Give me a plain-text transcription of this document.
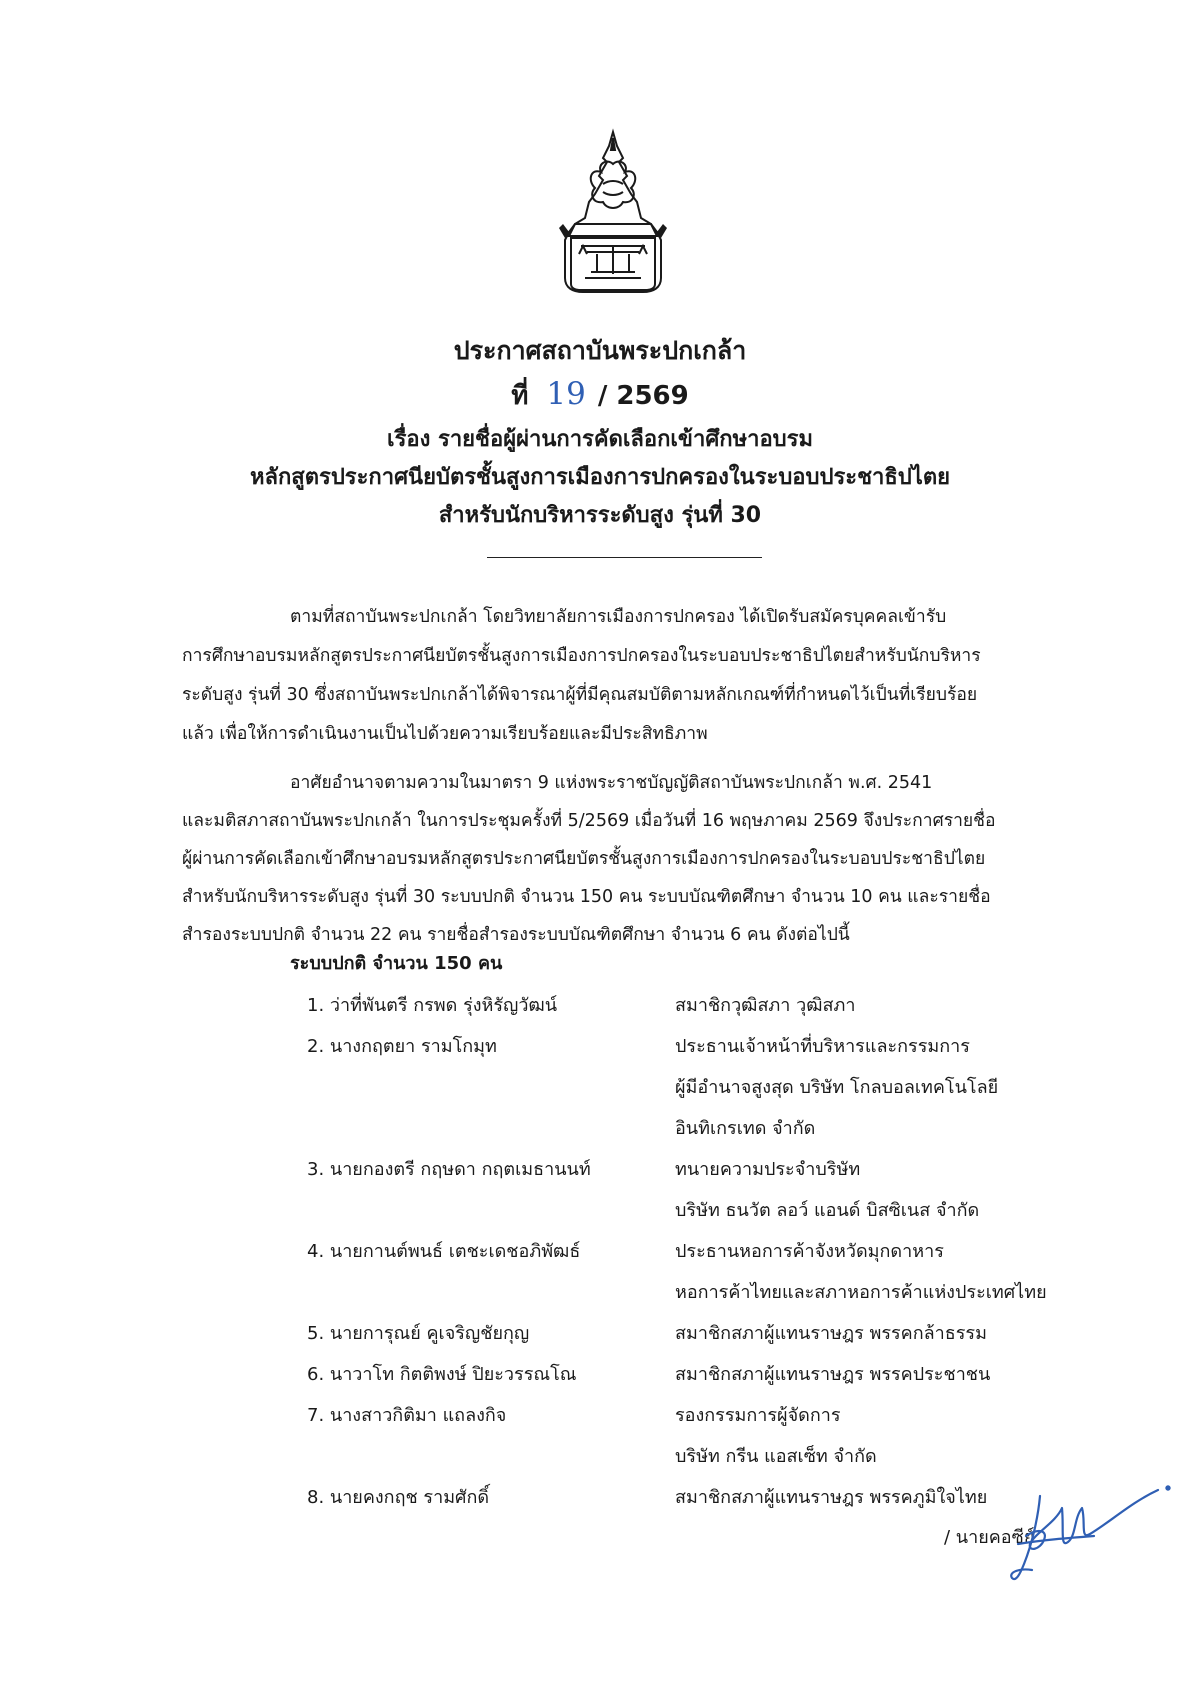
ประกาศสถาบันพระปกเกล้า
ที่ 19 / 2569
เรื่อง รายชื่อผู้ผ่านการคัดเลือกเข้าศึกษาอบรม
หลักสูตรประกาศนียบัตรชั้นสูงการเมืองการปกครองในระบอบประชาธิปไตย
สำหรับนักบริหารระดับสูง รุ่นที่ 30
ตามที่สถาบันพระปกเกล้า โดยวิทยาลัยการเมืองการปกครอง ได้เปิดรับสมัครบุคคลเข้ารับ
การศึกษาอบรมหลักสูตรประกาศนียบัตรชั้นสูงการเมืองการปกครองในระบอบประชาธิปไตยสำหรับนักบริหาร
ระดับสูง รุ่นที่ 30 ซึ่งสถาบันพระปกเกล้าได้พิจารณาผู้ที่มีคุณสมบัติตามหลักเกณฑ์ที่กำหนดไว้เป็นที่เรียบร้อย
แล้ว เพื่อให้การดำเนินงานเป็นไปด้วยความเรียบร้อยและมีประสิทธิภาพ
อาศัยอำนาจตามความในมาตรา 9 แห่งพระราชบัญญัติสถาบันพระปกเกล้า พ.ศ. 2541
และมติสภาสถาบันพระปกเกล้า ในการประชุมครั้งที่ 5/2569 เมื่อวันที่ 16 พฤษภาคม 2569 จึงประกาศรายชื่อ
ผู้ผ่านการคัดเลือกเข้าศึกษาอบรมหลักสูตรประกาศนียบัตรชั้นสูงการเมืองการปกครองในระบอบประชาธิปไตย
สำหรับนักบริหารระดับสูง รุ่นที่ 30 ระบบปกติ จำนวน 150 คน ระบบบัณฑิตศึกษา จำนวน 10 คน และรายชื่อ
สำรองระบบปกติ จำนวน 22 คน รายชื่อสำรองระบบบัณฑิตศึกษา จำนวน 6 คน ดังต่อไปนี้
ระบบปกติ จำนวน 150 คน
1. ว่าที่พันตรี กรพด รุ่งหิรัญวัฒน์	สมาชิกวุฒิสภา วุฒิสภา
2. นางกฤตยา รามโกมุท	ประธานเจ้าหน้าที่บริหารและกรรมการ
ผู้มีอำนาจสูงสุด บริษัท โกลบอลเทคโนโลยี
อินทิเกรเทด จำกัด
3. นายกองตรี กฤษดา กฤตเมธานนท์	ทนายความประจำบริษัท
บริษัท ธนวัต ลอว์ แอนด์ บิสซิเนส จำกัด
4. นายกานต์พนธ์ เตชะเดชอภิพัฒธ์	ประธานหอการค้าจังหวัดมุกดาหาร
หอการค้าไทยและสภาหอการค้าแห่งประเทศไทย
5. นายการุณย์ คูเจริญชัยกุญ	สมาชิกสภาผู้แทนราษฎร พรรคกล้าธรรม
6. นาวาโท กิตติพงษ์ ปิยะวรรณโณ	สมาชิกสภาผู้แทนราษฎร พรรคประชาชน
7. นางสาวกิติมา แถลงกิจ	รองกรรมการผู้จัดการ
บริษัท กรีน แอสเซ็ท จำกัด
8. นายคงกฤช รามศักดิ์	สมาชิกสภาผู้แทนราษฎร พรรคภูมิใจไทย
/ นายคอซีย์
